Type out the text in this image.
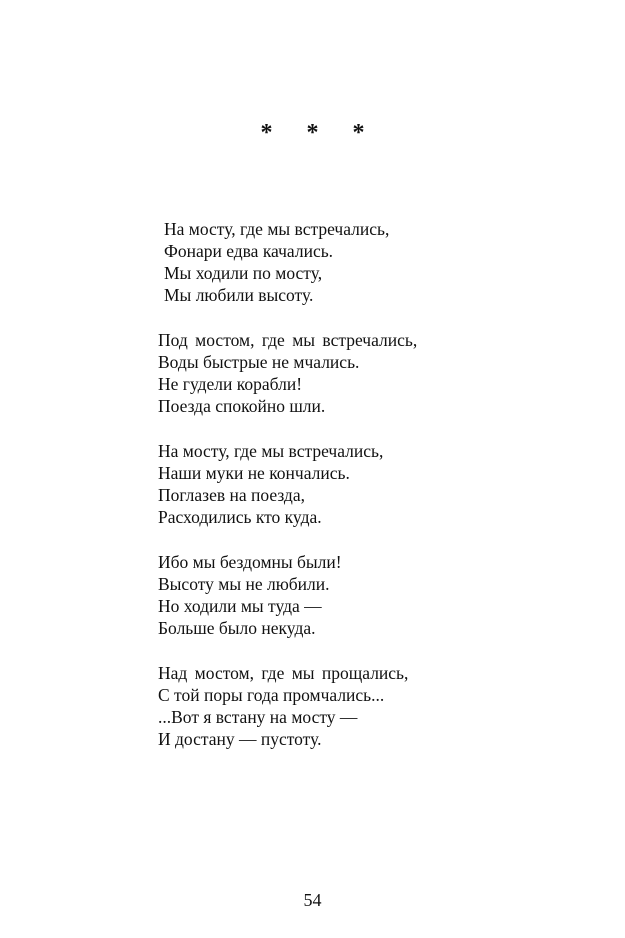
* * *
На мосту, где мы встречались,
Фонари едва качались.
Мы ходили по мосту,
Мы любили высоту.
Под мостом, где мы встречались,
Воды быстрые не мчались.
Не гудели корабли!
Поезда спокойно шли.
На мосту, где мы встречались,
Наши муки не кончались.
Поглазев на поезда,
Расходились кто куда.
Ибо мы бездомны были!
Высоту мы не любили.
Но ходили мы туда —
Больше было некуда.
Над мостом, где мы прощались,
С той поры года промчались...
...Вот я встану на мосту —
И достану — пустоту.
54
